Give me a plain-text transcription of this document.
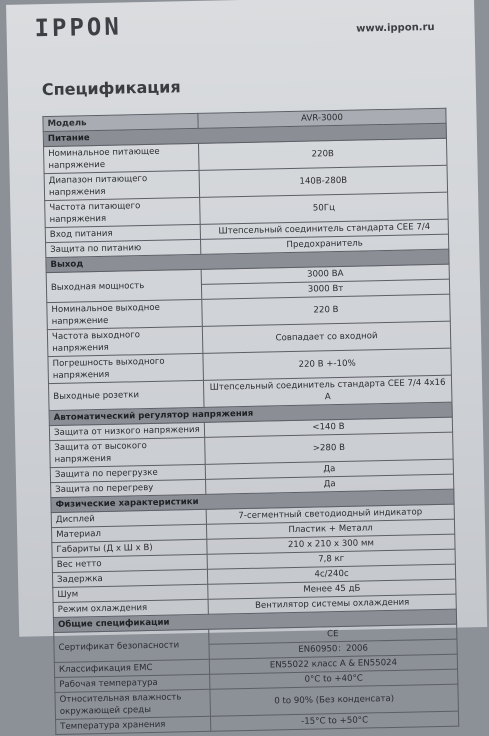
IPPON	www.ippon.ru
Спецификация
Модель	AVR-3000
Питание	
Номинальное питающее напряжение	220В
Диапазон питающего напряжения	140В-280В
Частота питающего напряжения	50Гц
Вход питания	Штепсельный соединитель стандарта CEE 7/4
Защита по питанию	Предохранитель
Выход	
Выходная мощность	3000 ВА
	3000 Вт
Номинальное выходное напряжение	220 В
Частота выходного напряжения	Совпадает со входной
Погрешность выходного напряжения	220 В +-10%
Выходные розетки	Штепсельный соединитель стандарта CEE 7/4 4x16 А
Автоматический регулятор напряжения	
Защита от низкого напряжения	<140 В
Защита от высокого напряжения	>280 В
Защита по перегрузке	Да
Защита по перегреву	Да
Физические характеристики	
Дисплей	7-сегментный светодиодный индикатор
Материал	Пластик + Металл
Габариты (Д х Ш х В)	210 х 210 х 300 мм
Вес нетто	7,8 кг
Задержка	4с/240с
Шум	Менее 45 дБ
Режим охлаждения	Вентилятор системы охлаждения
Общие спецификации	
Сертификат безопасности	CE
	EN60950：2006
Классификация EMC	EN55022 класс А & EN55024
Рабочая температура	0°C to +40°C
Относительная влажность окружающей среды	0 to 90% (Без конденсата)
Температура хранения	-15°C to +50°C
